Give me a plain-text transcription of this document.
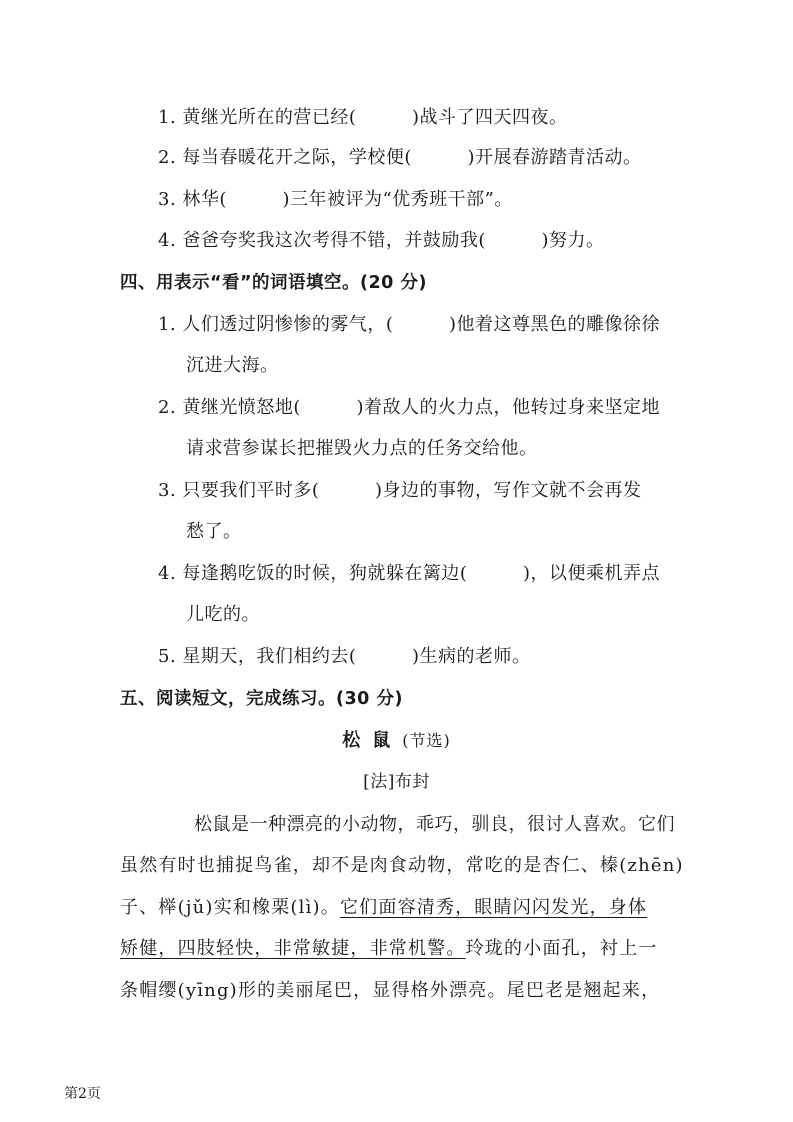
1. 黄继光所在的营已经(　　　)战斗了四天四夜。
2. 每当春暖花开之际，学校便(　　　)开展春游踏青活动。
3. 林华(　　　)三年被评为“优秀班干部”。
4. 爸爸夸奖我这次考得不错，并鼓励我(　　　)努力。
四、用表示“看”的词语填空。(20 分)
1. 人们透过阴惨惨的雾气，(　　　)他着这尊黑色的雕像徐徐
沉进大海。
2. 黄继光愤怒地(　　　)着敌人的火力点，他转过身来坚定地
请求营参谋长把摧毁火力点的任务交给他。
3. 只要我们平时多(　　　)身边的事物，写作文就不会再发
愁了。
4. 每逢鹅吃饭的时候，狗就躲在篱边(　　　)，以便乘机弄点
儿吃的。
5. 星期天，我们相约去(　　　)生病的老师。
五、阅读短文，完成练习。(30 分)
松鼠(节选)
[法]布封
松鼠是一种漂亮的小动物，乖巧，驯良，很讨人喜欢。它们
虽然有时也捕捉鸟雀，却不是肉食动物，常吃的是杏仁、榛(zhēn)
子、榉(jǔ)实和橡栗(lì)。它们面容清秀，眼睛闪闪发光，身体
矫健，四肢轻快，非常敏捷，非常机警。玲珑的小面孔，衬上一
条帽缨(yīng)形的美丽尾巴，显得格外漂亮。尾巴老是翘起来，
第2页
